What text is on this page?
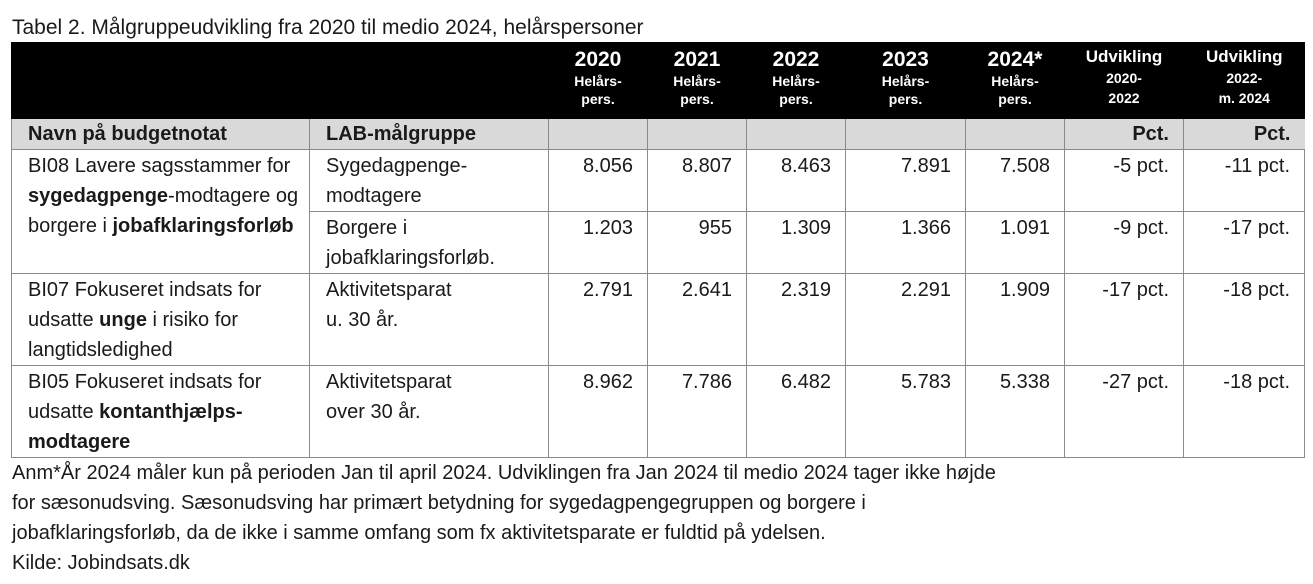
Tabel 2. Målgruppeudvikling fra 2020 til medio 2024, helårspersoner

		2020
Helårs-
pers.	2021
Helårs-
pers.	2022
Helårs-
pers.	2023
Helårs-
pers.	2024*
Helårs-
pers.	Udvikling
2020-
2022	Udvikling
2022-
m. 2024

Navn på budgetnotat	LAB-målgruppe						Pct.	Pct.
BI08 Lavere sagsstammer for sygedagpenge-modtagere og borgere i jobafklaringsforløb	Sygedagpenge-
modtagere	8.056	8.807	8.463	7.891	7.508	-5 pct.	-11 pct.
	Borgere i
jobafklaringsforløb.	1.203	955	1.309	1.366	1.091	-9 pct.	-17 pct.
BI07 Fokuseret indsats for udsatte unge i risiko for langtidsledighed	Aktivitetsparat
u. 30 år.	2.791	2.641	2.319	2.291	1.909	-17 pct.	-18 pct.
BI05 Fokuseret indsats for udsatte kontanthjælps-
modtagere	Aktivitetsparat
over 30 år.	8.962	7.786	6.482	5.783	5.338	-27 pct.	-18 pct.
Anm*År 2024 måler kun på perioden Jan til april 2024. Udviklingen fra Jan 2024 til medio 2024 tager ikke højde
for sæsonudsving. Sæsonudsving har primært betydning for sygedagpengegruppen og borgere i
jobafklaringsforløb, da de ikke i samme omfang som fx aktivitetsparate er fuldtid på ydelsen.
Kilde: Jobindsats.dk
